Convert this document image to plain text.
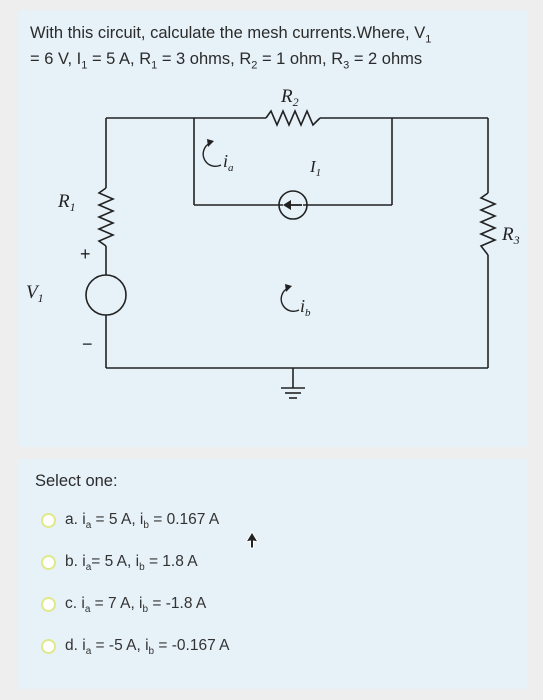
With this circuit, calculate the mesh currents.Where, $V_1$
= 6 V, $I_1 = 5$ A, $R_1 = 3$ ohms, $R_2 = 1$ ohm, $R_3 = 2$ ohms
$R_2$
$I_1$
$i_a$
$R_1$
$R_3$
$V_1$	$i_b$
+
−
Select one:
a. $i_a = 5$ A, $i_b = 0.167$ A
b. $i_a= 5$ A, $i_b = 1.8$ A
c. $i_a = 7$ A, $i_b = -1.8$ A
d. $i_a = -5$ A, $i_b = -0.167$ A
